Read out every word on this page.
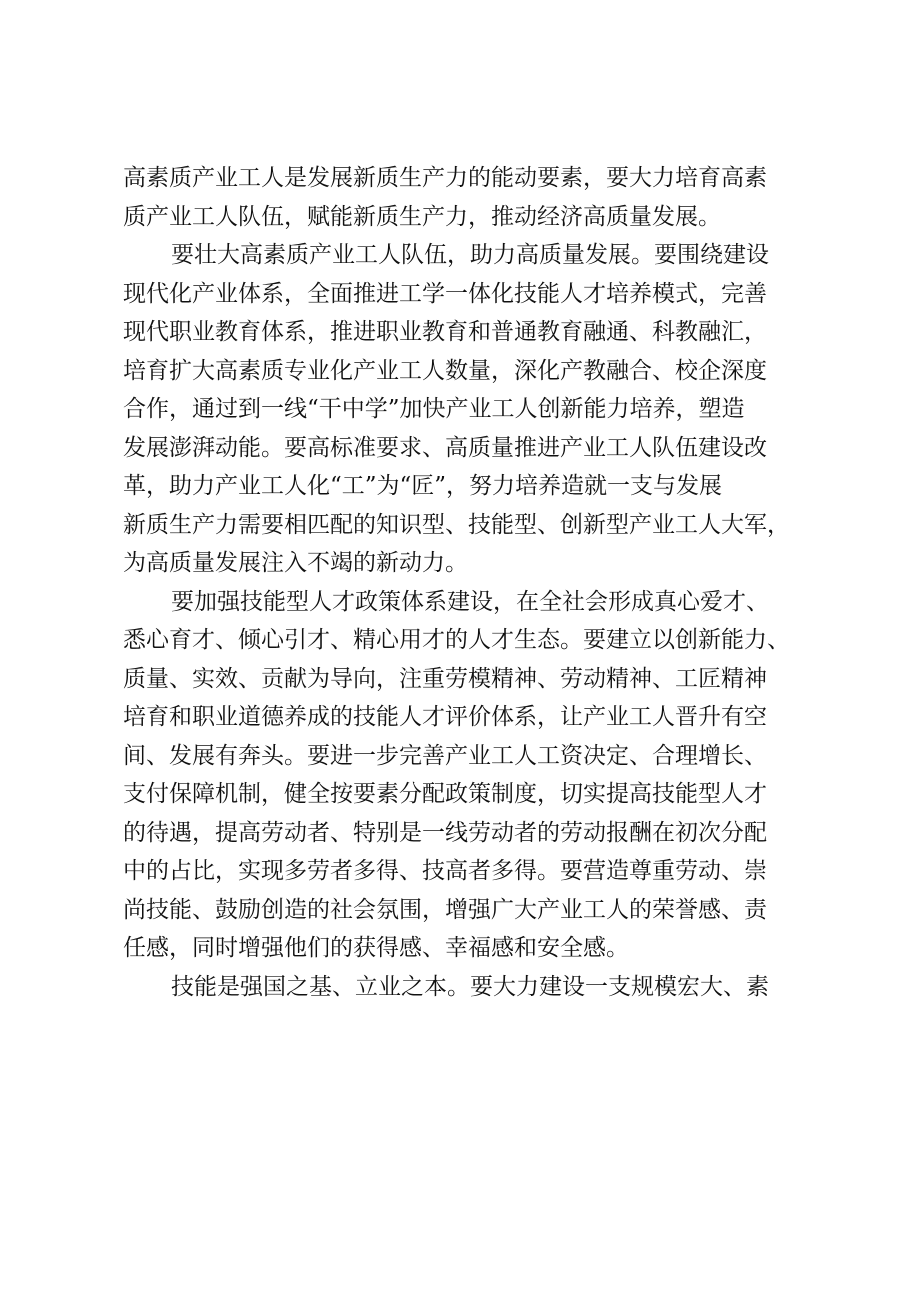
高素质产业工人是发展新质生产力的能动要素，要大力培育高素
质产业工人队伍，赋能新质生产力，推动经济高质量发展。
要壮大高素质产业工人队伍，助力高质量发展。要围绕建设
现代化产业体系，全面推进工学一体化技能人才培养模式，完善
现代职业教育体系，推进职业教育和普通教育融通、科教融汇，
培育扩大高素质专业化产业工人数量，深化产教融合、校企深度
合作，通过到一线“干中学”加快产业工人创新能力培养，塑造
发展澎湃动能。要高标准要求、高质量推进产业工人队伍建设改
革，助力产业工人化“工”为“匠”，努力培养造就一支与发展
新质生产力需要相匹配的知识型、技能型、创新型产业工人大军，
为高质量发展注入不竭的新动力。
要加强技能型人才政策体系建设，在全社会形成真心爱才、
悉心育才、倾心引才、精心用才的人才生态。要建立以创新能力、
质量、实效、贡献为导向，注重劳模精神、劳动精神、工匠精神
培育和职业道德养成的技能人才评价体系，让产业工人晋升有空
间、发展有奔头。要进一步完善产业工人工资决定、合理增长、
支付保障机制，健全按要素分配政策制度，切实提高技能型人才
的待遇，提高劳动者、特别是一线劳动者的劳动报酬在初次分配
中的占比，实现多劳者多得、技高者多得。要营造尊重劳动、崇
尚技能、鼓励创造的社会氛围，增强广大产业工人的荣誉感、责
任感，同时增强他们的获得感、幸福感和安全感。
技能是强国之基、立业之本。要大力建设一支规模宏大、素
